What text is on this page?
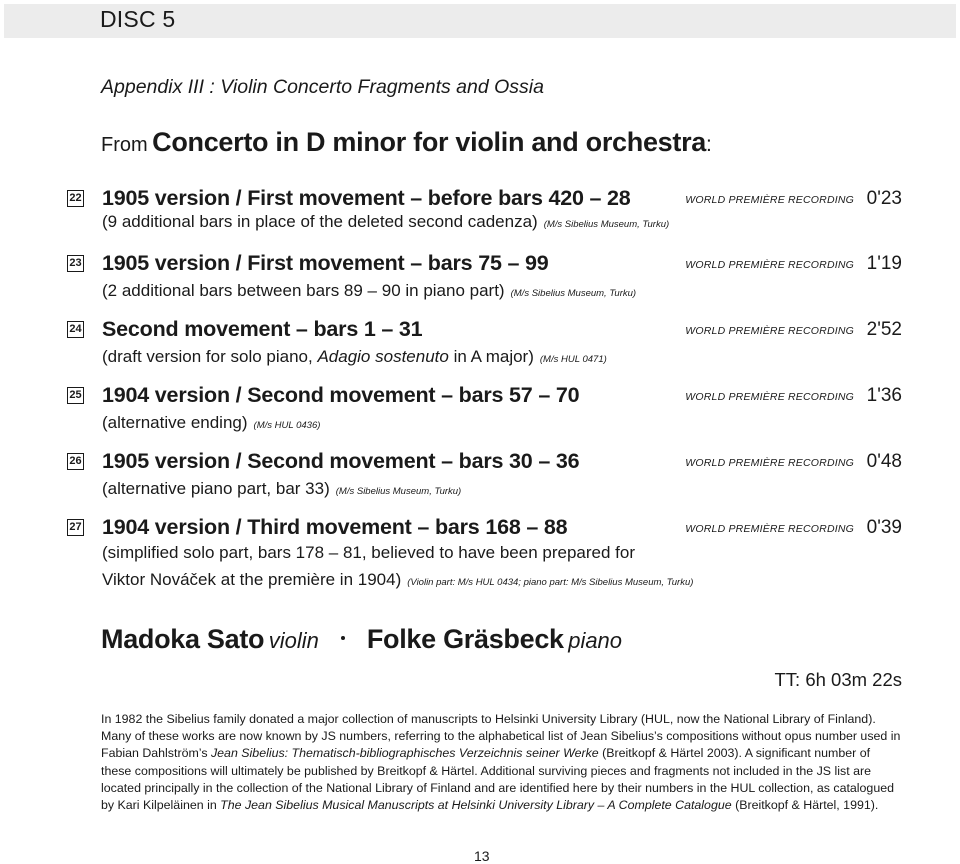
DISC 5
Appendix III : Violin Concerto Fragments and Ossia
From Concerto in D minor for violin and orchestra:
22 1905 version / First movement – before bars 420 – 28	WORLD PREMIÈRE RECORDING 0'23
(9 additional bars in place of the deleted second cadenza) (M/s Sibelius Museum, Turku)
23 1905 version / First movement – bars 75 – 99	WORLD PREMIÈRE RECORDING 1'19
(2 additional bars between bars 89 – 90 in piano part) (M/s Sibelius Museum, Turku)
24 Second movement – bars 1 – 31	WORLD PREMIÈRE RECORDING 2'52
(draft version for solo piano, Adagio sostenuto in A major) (M/s HUL 0471)
25 1904 version / Second movement – bars 57 – 70	WORLD PREMIÈRE RECORDING 1'36
(alternative ending) (M/s HUL 0436)
26 1905 version / Second movement – bars 30 – 36	WORLD PREMIÈRE RECORDING 0'48
(alternative piano part, bar 33) (M/s Sibelius Museum, Turku)
27 1904 version / Third movement – bars 168 – 88	WORLD PREMIÈRE RECORDING 0'39
(simplified solo part, bars 178 – 81, believed to have been prepared for
Viktor Nováček at the première in 1904) (Violin part: M/s HUL 0434; piano part: M/s Sibelius Museum, Turku)
Madoka Sato violin Folke Gräsbeck piano
TT: 6h 03m 22s
In 1982 the Sibelius family donated a major collection of manuscripts to Helsinki University Library (HUL, now the National Library of Finland). Many of these works are now known by JS numbers, referring to the alphabetical list of Jean Sibelius’s compositions without opus number used in Fabian Dahlström’s Jean Sibelius: Thematisch-bibliographisches Verzeichnis seiner Werke (Breitkopf & Härtel 2003). A significant number of these compositions will ultimately be published by Breitkopf & Härtel. Additional surviving pieces and fragments not included in the JS list are located principally in the collection of the National Library of Finland and are identified here by their numbers in the HUL collection, as catalogued by Kari Kilpeläinen in The Jean Sibelius Musical Manuscripts at Helsinki University Library – A Complete Catalogue (Breitkopf & Härtel, 1991).
13
